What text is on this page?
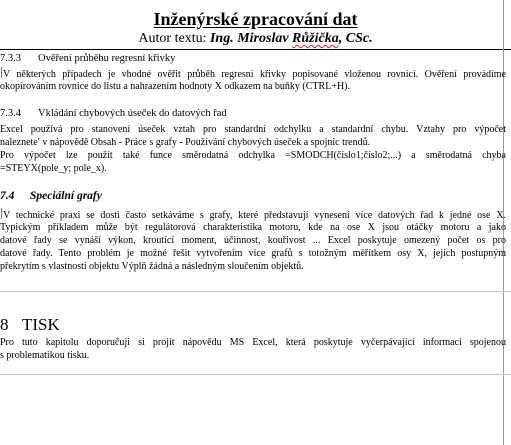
Inženýrské zpracování dat
Autor textu: Ing. Miroslav Růžička, CSc.
7.3.3 Ověření průběhu regresní křivky
V některých případech je vhodné ověřit průběh regresní křivky popisované vloženou rovnicí. Ověření provádíme
okopírováním rovnice do listu a nahrazením hodnoty X odkazem na buňky (CTRL+H).
7.3.4 Vkládání chybových úseček do datových řad
Excel používá pro stanovení úseček vztah pro standardní odchylku a standardní chybu. Vztahy pro výpočet
nalezneteʹ v nápovědě Obsah - Práce s grafy - Používání chybových úseček a spojnic trendů.
Pro výpočet lze použít také funce směrodatná odchylka =SMODCH(číslo1;číslo2;...) a směrodatná chyba
=STEYX(pole_y; pole_x).
7.4 Speciální grafy
V technické praxi se dosti často setkáváme s grafy, které představují vynesení více datových řad k jedné ose X.
Typickým příkladem může být regulátorová charakteristika motoru, kde na ose X jsou otáčky motoru a jako
datové řady se vynáší výkon, kroutící moment, účinnost, kouřivost ... Excel poskytuje omezený počet os pro
datové řady. Tento problém je možné řešit vytvořením více grafů s totožným měřítkem osy X, jejich postupným
překrytím s vlastností objektu Výplň žádná a následným sloučením objektů.
8 TISK
Pro tuto kapitolu doporučuji si projít nápovědu MS Excel, která poskytuje vyčerpávající informaci spojenou
s problematikou tisku.
